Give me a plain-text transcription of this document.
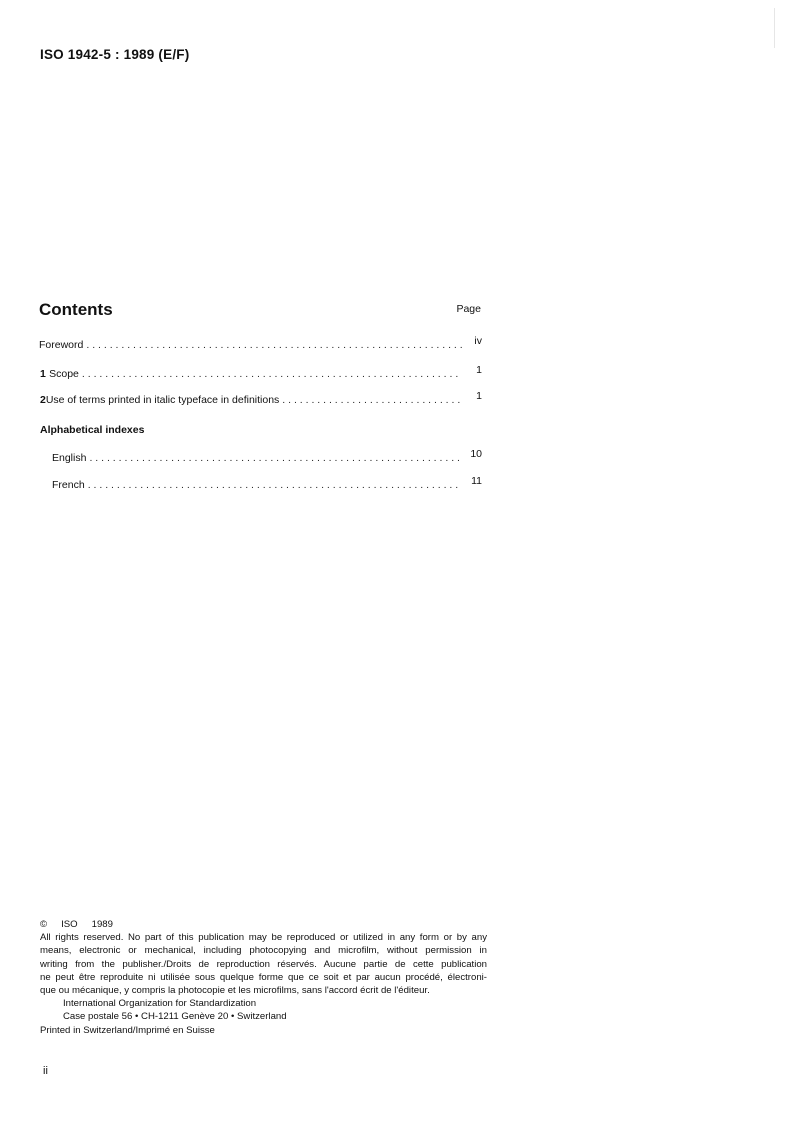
ISO 1942-5 : 1989 (E/F)
Contents	Page
Foreword . . .	iv
1 Scope . . .	1
2 Use of terms printed in italic typeface in definitions . . .	1
Alphabetical indexes
English . . .	10
French . . .	11
© ISO 1989
All rights reserved. No part of this publication may be reproduced or utilized in any form or by any
means, electronic or mechanical, including photocopying and microfilm, without permission in
writing from the publisher./Droits de reproduction réservés. Aucune partie de cette publication
ne peut être reproduite ni utilisée sous quelque forme que ce soit et par aucun procédé, électroni-
que ou mécanique, y compris la photocopie et les microfilms, sans l'accord écrit de l'éditeur.
International Organization for Standardization
Case postale 56 • CH-1211 Genève 20 • Switzerland
Printed in Switzerland/Imprimé en Suisse
ii
